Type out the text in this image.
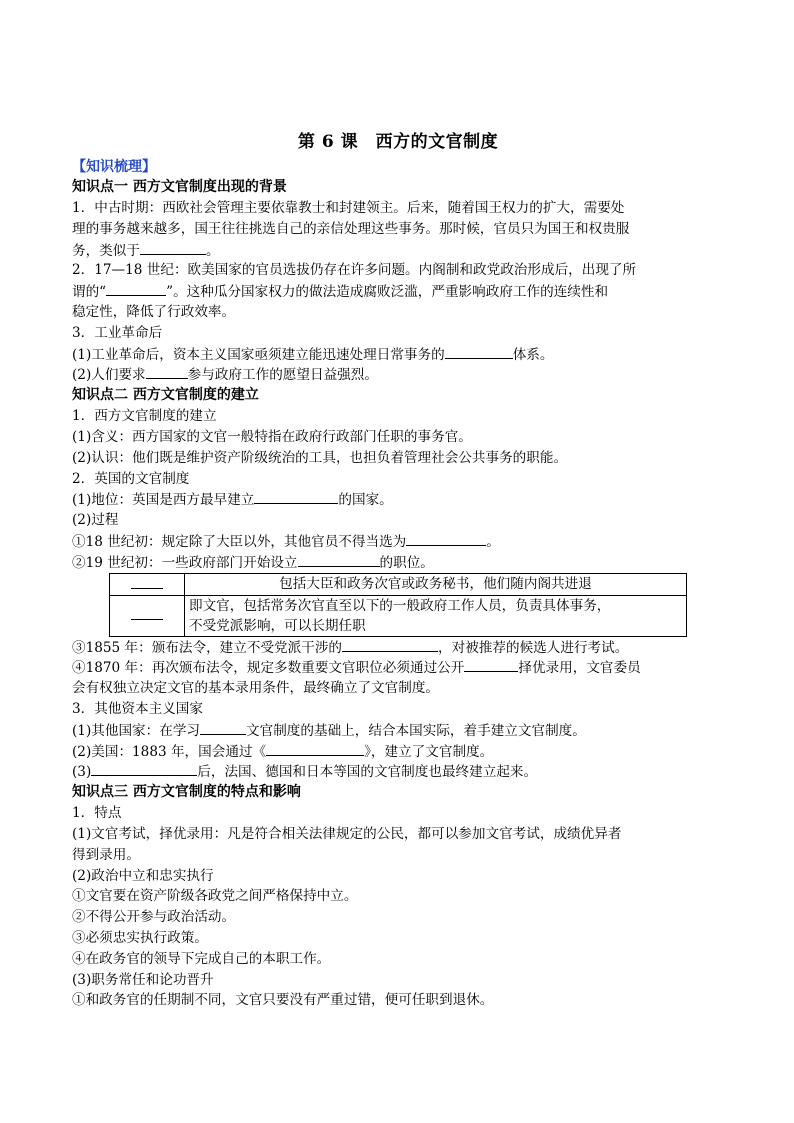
第 6 课　西方的文官制度
【知识梳理】
知识点一 西方文官制度出现的背景
1．中古时期：西欧社会管理主要依靠教士和封建领主。后来，随着国王权力的扩大，需要处
理的事务越来越多，国王往往挑选自己的亲信处理这些事务。那时候，官员只为国王和权贵服
务，类似于	。
2．17—18 世纪：欧美国家的官员选拔仍存在许多问题。内阁制和政党政治形成后，出现了所
谓的“	”。这种瓜分国家权力的做法造成腐败泛滥，严重影响政府工作的连续性和
稳定性，降低了行政效率。
3．工业革命后
(1)工业革命后，资本主义国家亟须建立能迅速处理日常事务的	体系。
(2)人们要求	参与政府工作的愿望日益强烈。
知识点二 西方文官制度的建立
1．西方文官制度的建立
(1)含义：西方国家的文官一般特指在政府行政部门任职的事务官。
(2)认识：他们既是维护资产阶级统治的工具，也担负着管理社会公共事务的职能。
2．英国的文官制度
(1)地位：英国是西方最早建立	的国家。
(2)过程
①18 世纪初：规定除了大臣以外，其他官员不得当选为	。
②19 世纪初：一些政府部门开始设立	的职位。
	包括大臣和政务次官或政务秘书，他们随内阁共进退

	即文官，包括常务次官直至以下的一般政府工作人员，负责具体事务，
不受党派影响，可以长期任职
③1855 年：颁布法令，建立不受党派干涉的	，对被推荐的候选人进行考试。
④1870 年：再次颁布法令，规定多数重要文官职位必须通过公开	择优录用，文官委员
会有权独立决定文官的基本录用条件，最终确立了文官制度。
3．其他资本主义国家
(1)其他国家：在学习	文官制度的基础上，结合本国实际，着手建立文官制度。
(2)美国：1883 年，国会通过《	》，建立了文官制度。
(3)	后，法国、德国和日本等国的文官制度也最终建立起来。
知识点三 西方文官制度的特点和影响
1．特点
(1)文官考试，择优录用：凡是符合相关法律规定的公民，都可以参加文官考试，成绩优异者
得到录用。
(2)政治中立和忠实执行
①文官要在资产阶级各政党之间严格保持中立。
②不得公开参与政治活动。
③必须忠实执行政策。
④在政务官的领导下完成自己的本职工作。
(3)职务常任和论功晋升
①和政务官的任期制不同，文官只要没有严重过错，便可任职到退休。
